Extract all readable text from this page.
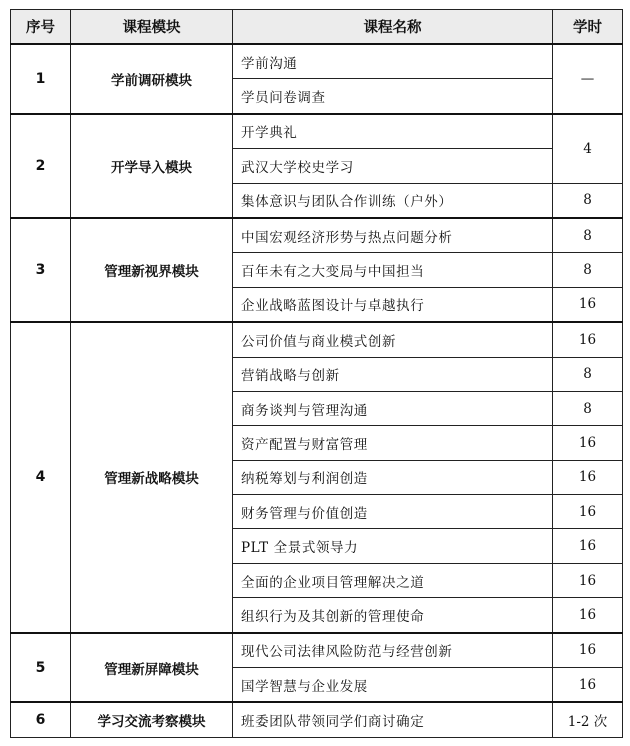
序号	课程模块	课程名称	学时
1	学前调研模块	学前沟通	—
		学员问卷调查	
2	开学导入模块	开学典礼	4
		武汉大学校史学习	
		集体意识与团队合作训练（户外）	8
3	管理新视界模块	中国宏观经济形势与热点问题分析	8
		百年未有之大变局与中国担当	8
		企业战略蓝图设计与卓越执行	16
4	管理新战略模块	公司价值与商业模式创新	16
		营销战略与创新	8
		商务谈判与管理沟通	8
		资产配置与财富管理	16
		纳税筹划与利润创造	16
		财务管理与价值创造	16
		PLT 全景式领导力	16
		全面的企业项目管理解决之道	16
		组织行为及其创新的管理使命	16
5	管理新屏障模块	现代公司法律风险防范与经营创新	16
		国学智慧与企业发展	16
6	学习交流考察模块	班委团队带领同学们商讨确定	1-2 次
